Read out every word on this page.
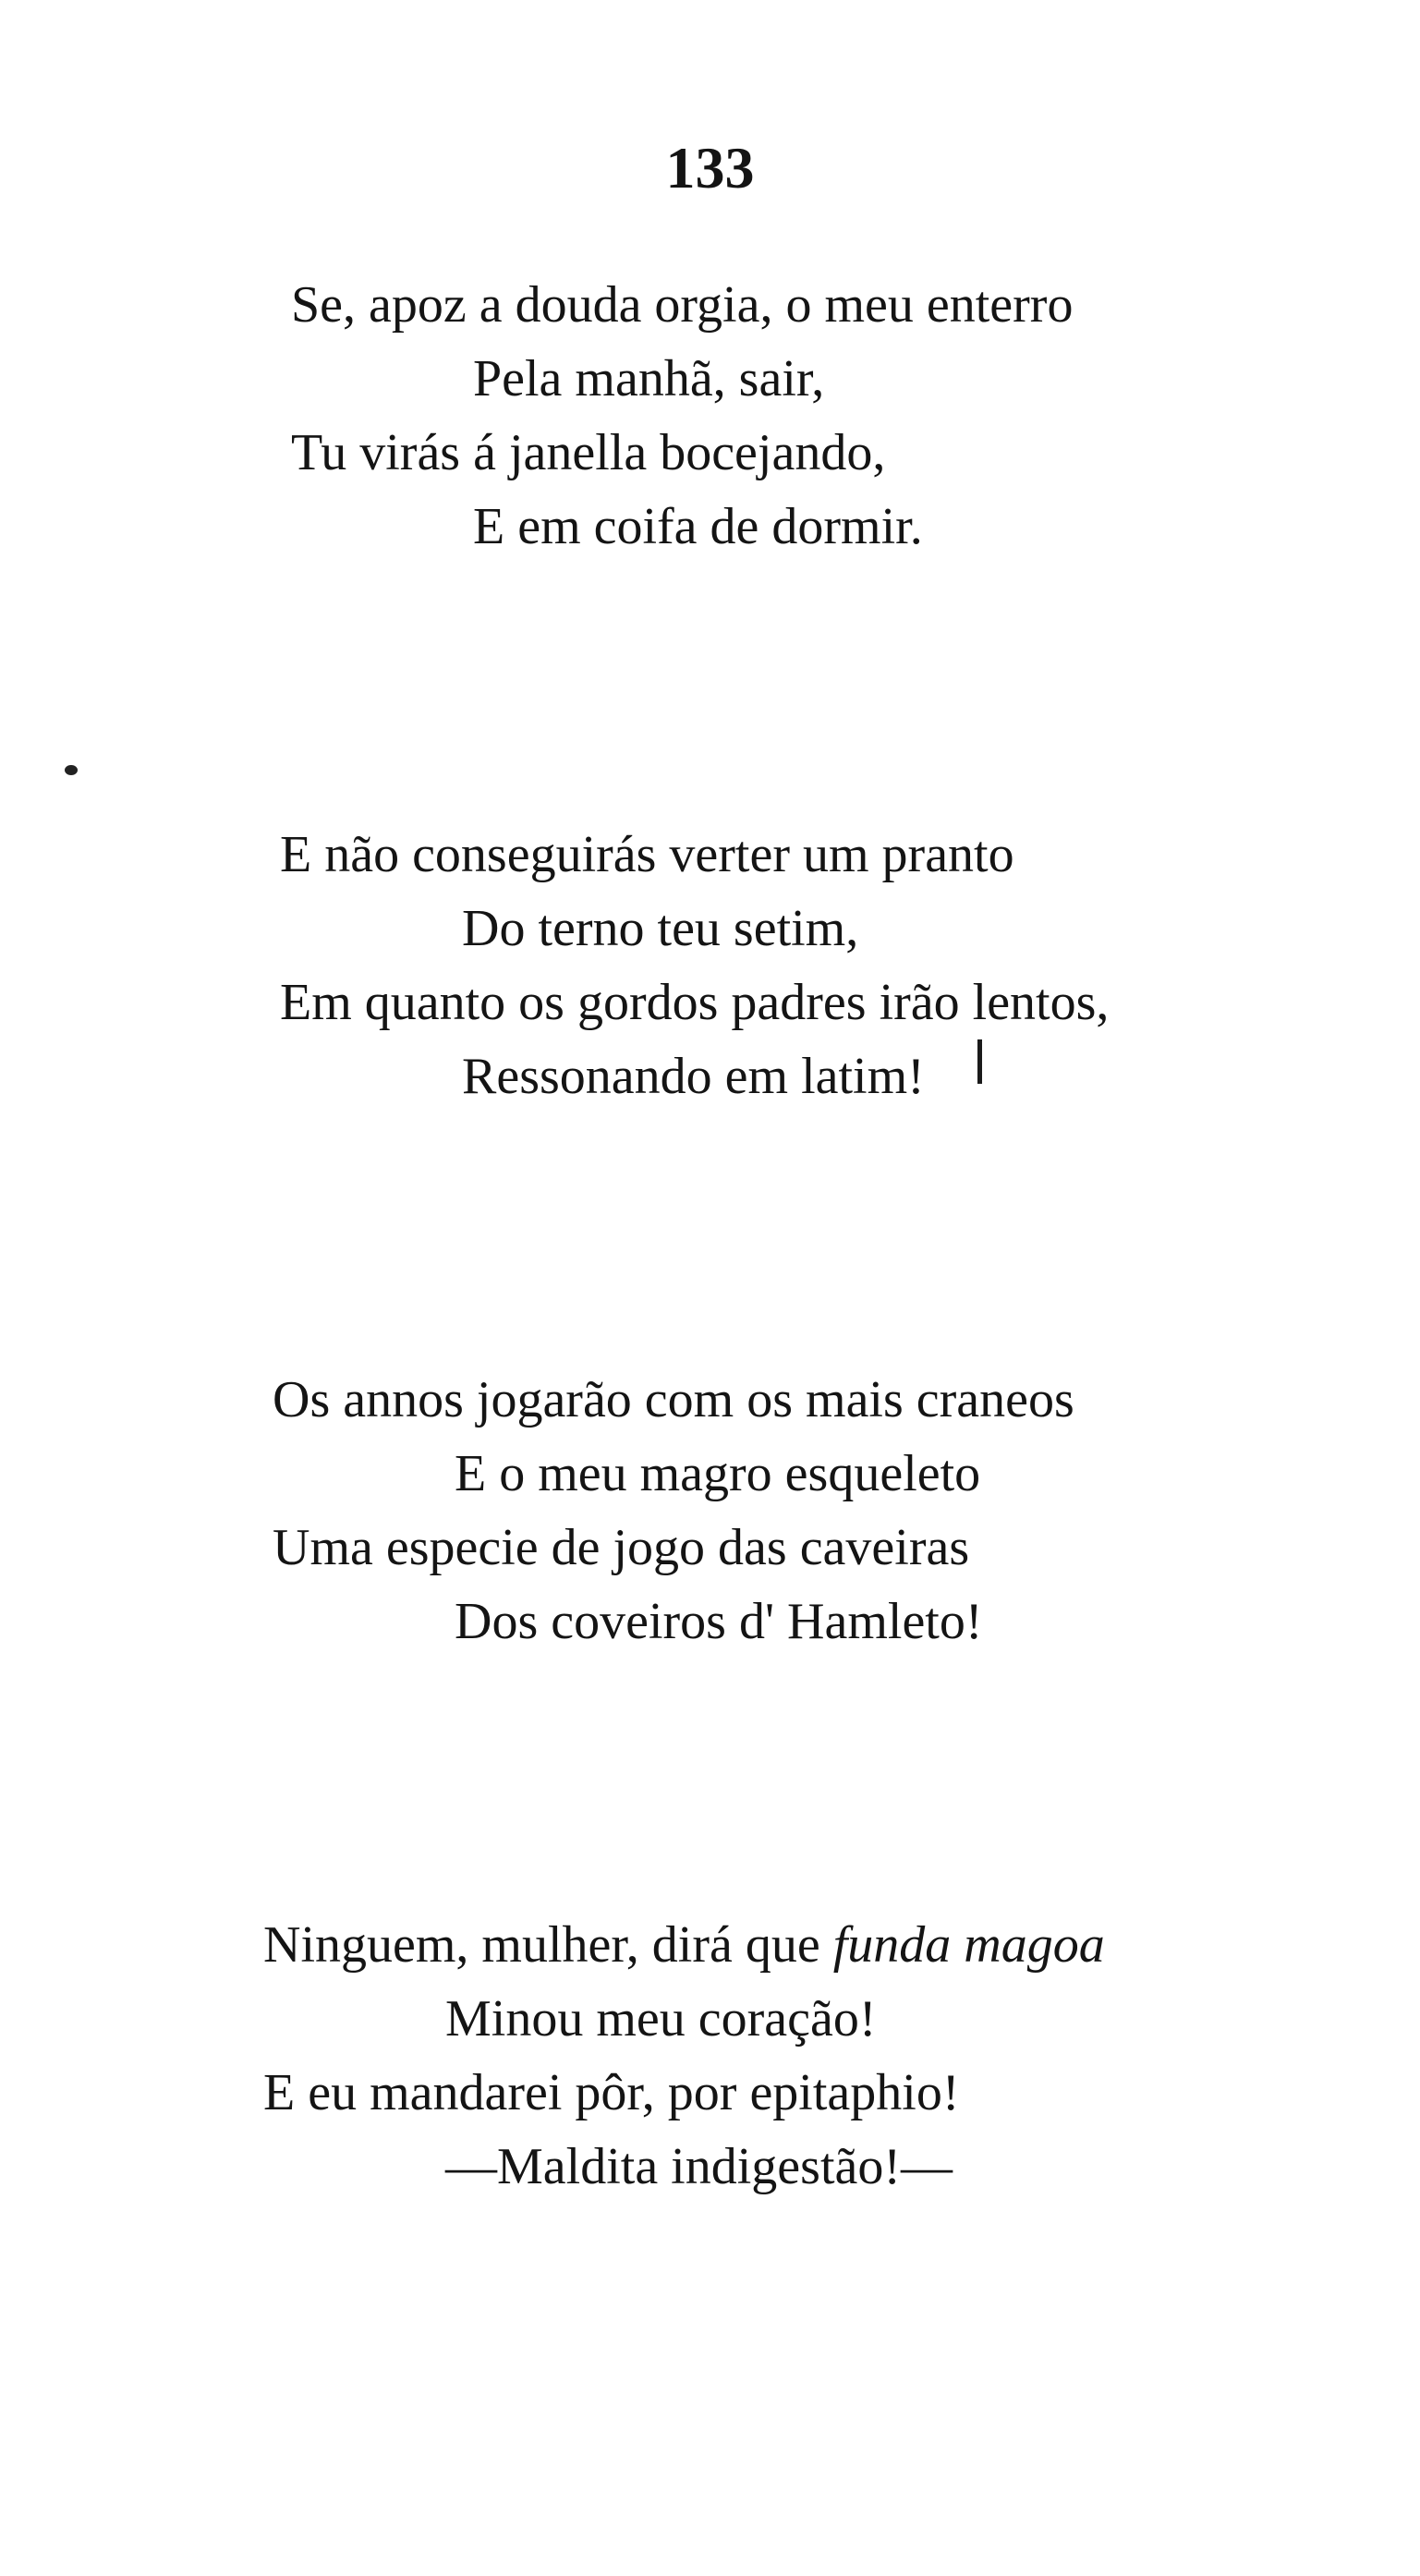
133
Se, apoz a douda orgia, o meu enterro
Pela manhã, sair,
Tu virás á janella bocejando,
E em coifa de dormir.
E não conseguirás verter um pranto
Do terno teu setim,
Em quanto os gordos padres irão lentos,
Ressonando em latim!
Os annos jogarão com os mais craneos
E o meu magro esqueleto
Uma especie de jogo das caveiras
Dos coveiros d' Hamleto!
Ninguem, mulher, dirá que funda magoa
Minou meu coração!
E eu mandarei pôr, por epitaphio!
—Maldita indigestão!—
